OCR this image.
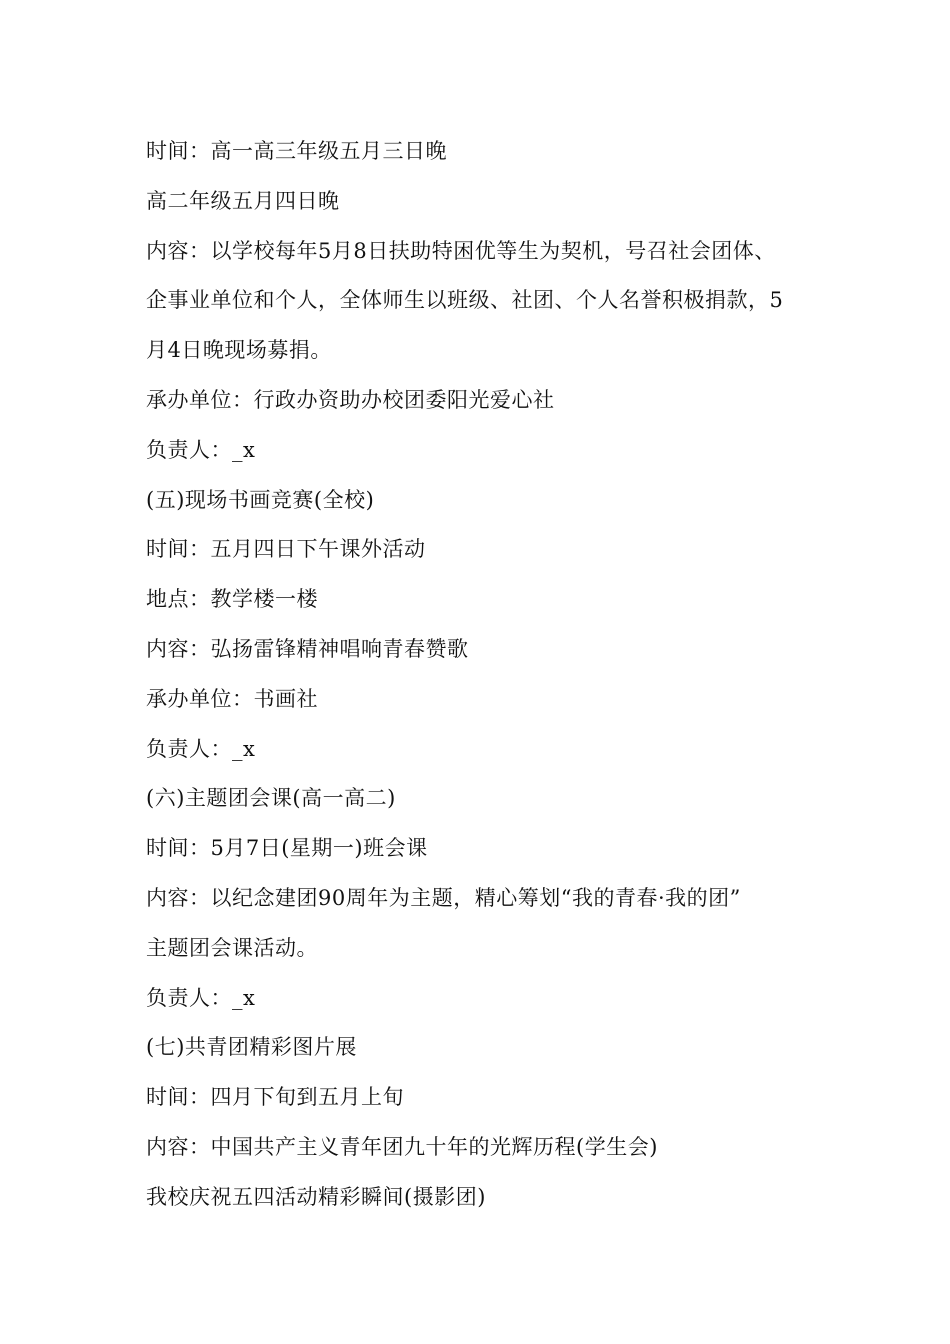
时间：高一高三年级五月三日晚
高二年级五月四日晚
内容：以学校每年5月8日扶助特困优等生为契机，号召社会团体、
企事业单位和个人，全体师生以班级、社团、个人名誉积极捐款，5
月4日晚现场募捐。
承办单位：行政办资助办校团委阳光爱心社
负责人：_x
(五)现场书画竞赛(全校)
时间：五月四日下午课外活动
地点：教学楼一楼
内容：弘扬雷锋精神唱响青春赞歌
承办单位：书画社
负责人：_x
(六)主题团会课(高一高二)
时间：5月7日(星期一)班会课
内容：以纪念建团90周年为主题，精心筹划“我的青春·我的团”
主题团会课活动。
负责人：_x
(七)共青团精彩图片展
时间：四月下旬到五月上旬
内容：中国共产主义青年团九十年的光辉历程(学生会)
我校庆祝五四活动精彩瞬间(摄影团)
